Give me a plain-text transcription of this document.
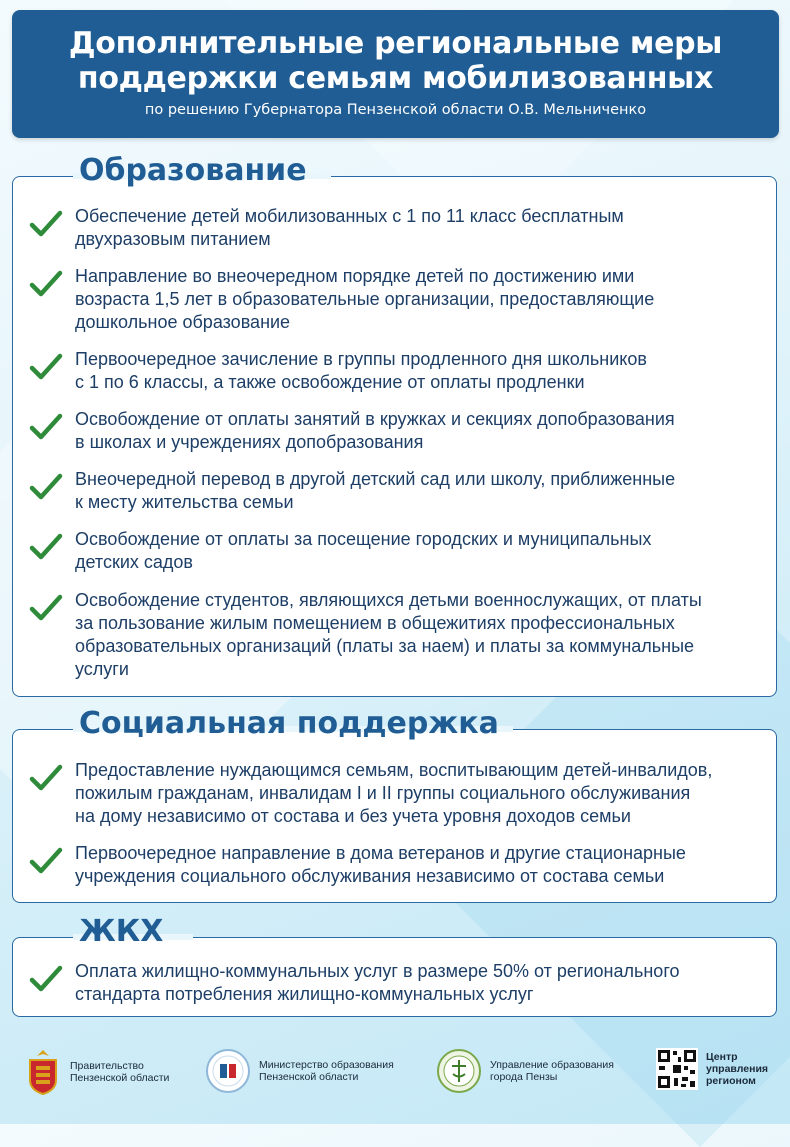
Дополнительные региональные меры
поддержки семьям мобилизованных
по решению Губернатора Пензенской области О.В. Мельниченко
Образование
Обеспечение детей мобилизованных с 1 по 11 класс бесплатным
двухразовым питанием
Направление во внеочередном порядке детей по достижению ими
возраста 1,5 лет в образовательные организации, предоставляющие
дошкольное образование
Первоочередное зачисление в группы продленного дня школьников
с 1 по 6 классы, а также освобождение от оплаты продленки
Освобождение от оплаты занятий в кружках и секциях допобразования
в школах и учреждениях допобразования
Внеочередной перевод в другой детский сад или школу, приближенные
к месту жительства семьи
Освобождение от оплаты за посещение городских и муниципальных
детских садов
Освобождение студентов, являющихся детьми военнослужащих, от платы
за пользование жилым помещением в общежитиях профессиональных
образовательных организаций (платы за наем) и платы за коммунальные
услуги
Социальная поддержка
Предоставление нуждающимся семьям, воспитывающим детей-инвалидов,
пожилым гражданам, инвалидам I и II группы социального обслуживания
на дому независимо от состава и без учета уровня доходов семьи
Первоочередное направление в дома ветеранов и другие стационарные
учреждения социального обслуживания независимо от состава семьи
ЖКХ
Оплата жилищно-коммунальных услуг в размере 50% от регионального
стандарта потребления жилищно-коммунальных услуг
Правительство
Пензенской области
Министерство образования
Пензенской области
Управление образования
города Пензы
Центр
управления
регионом
